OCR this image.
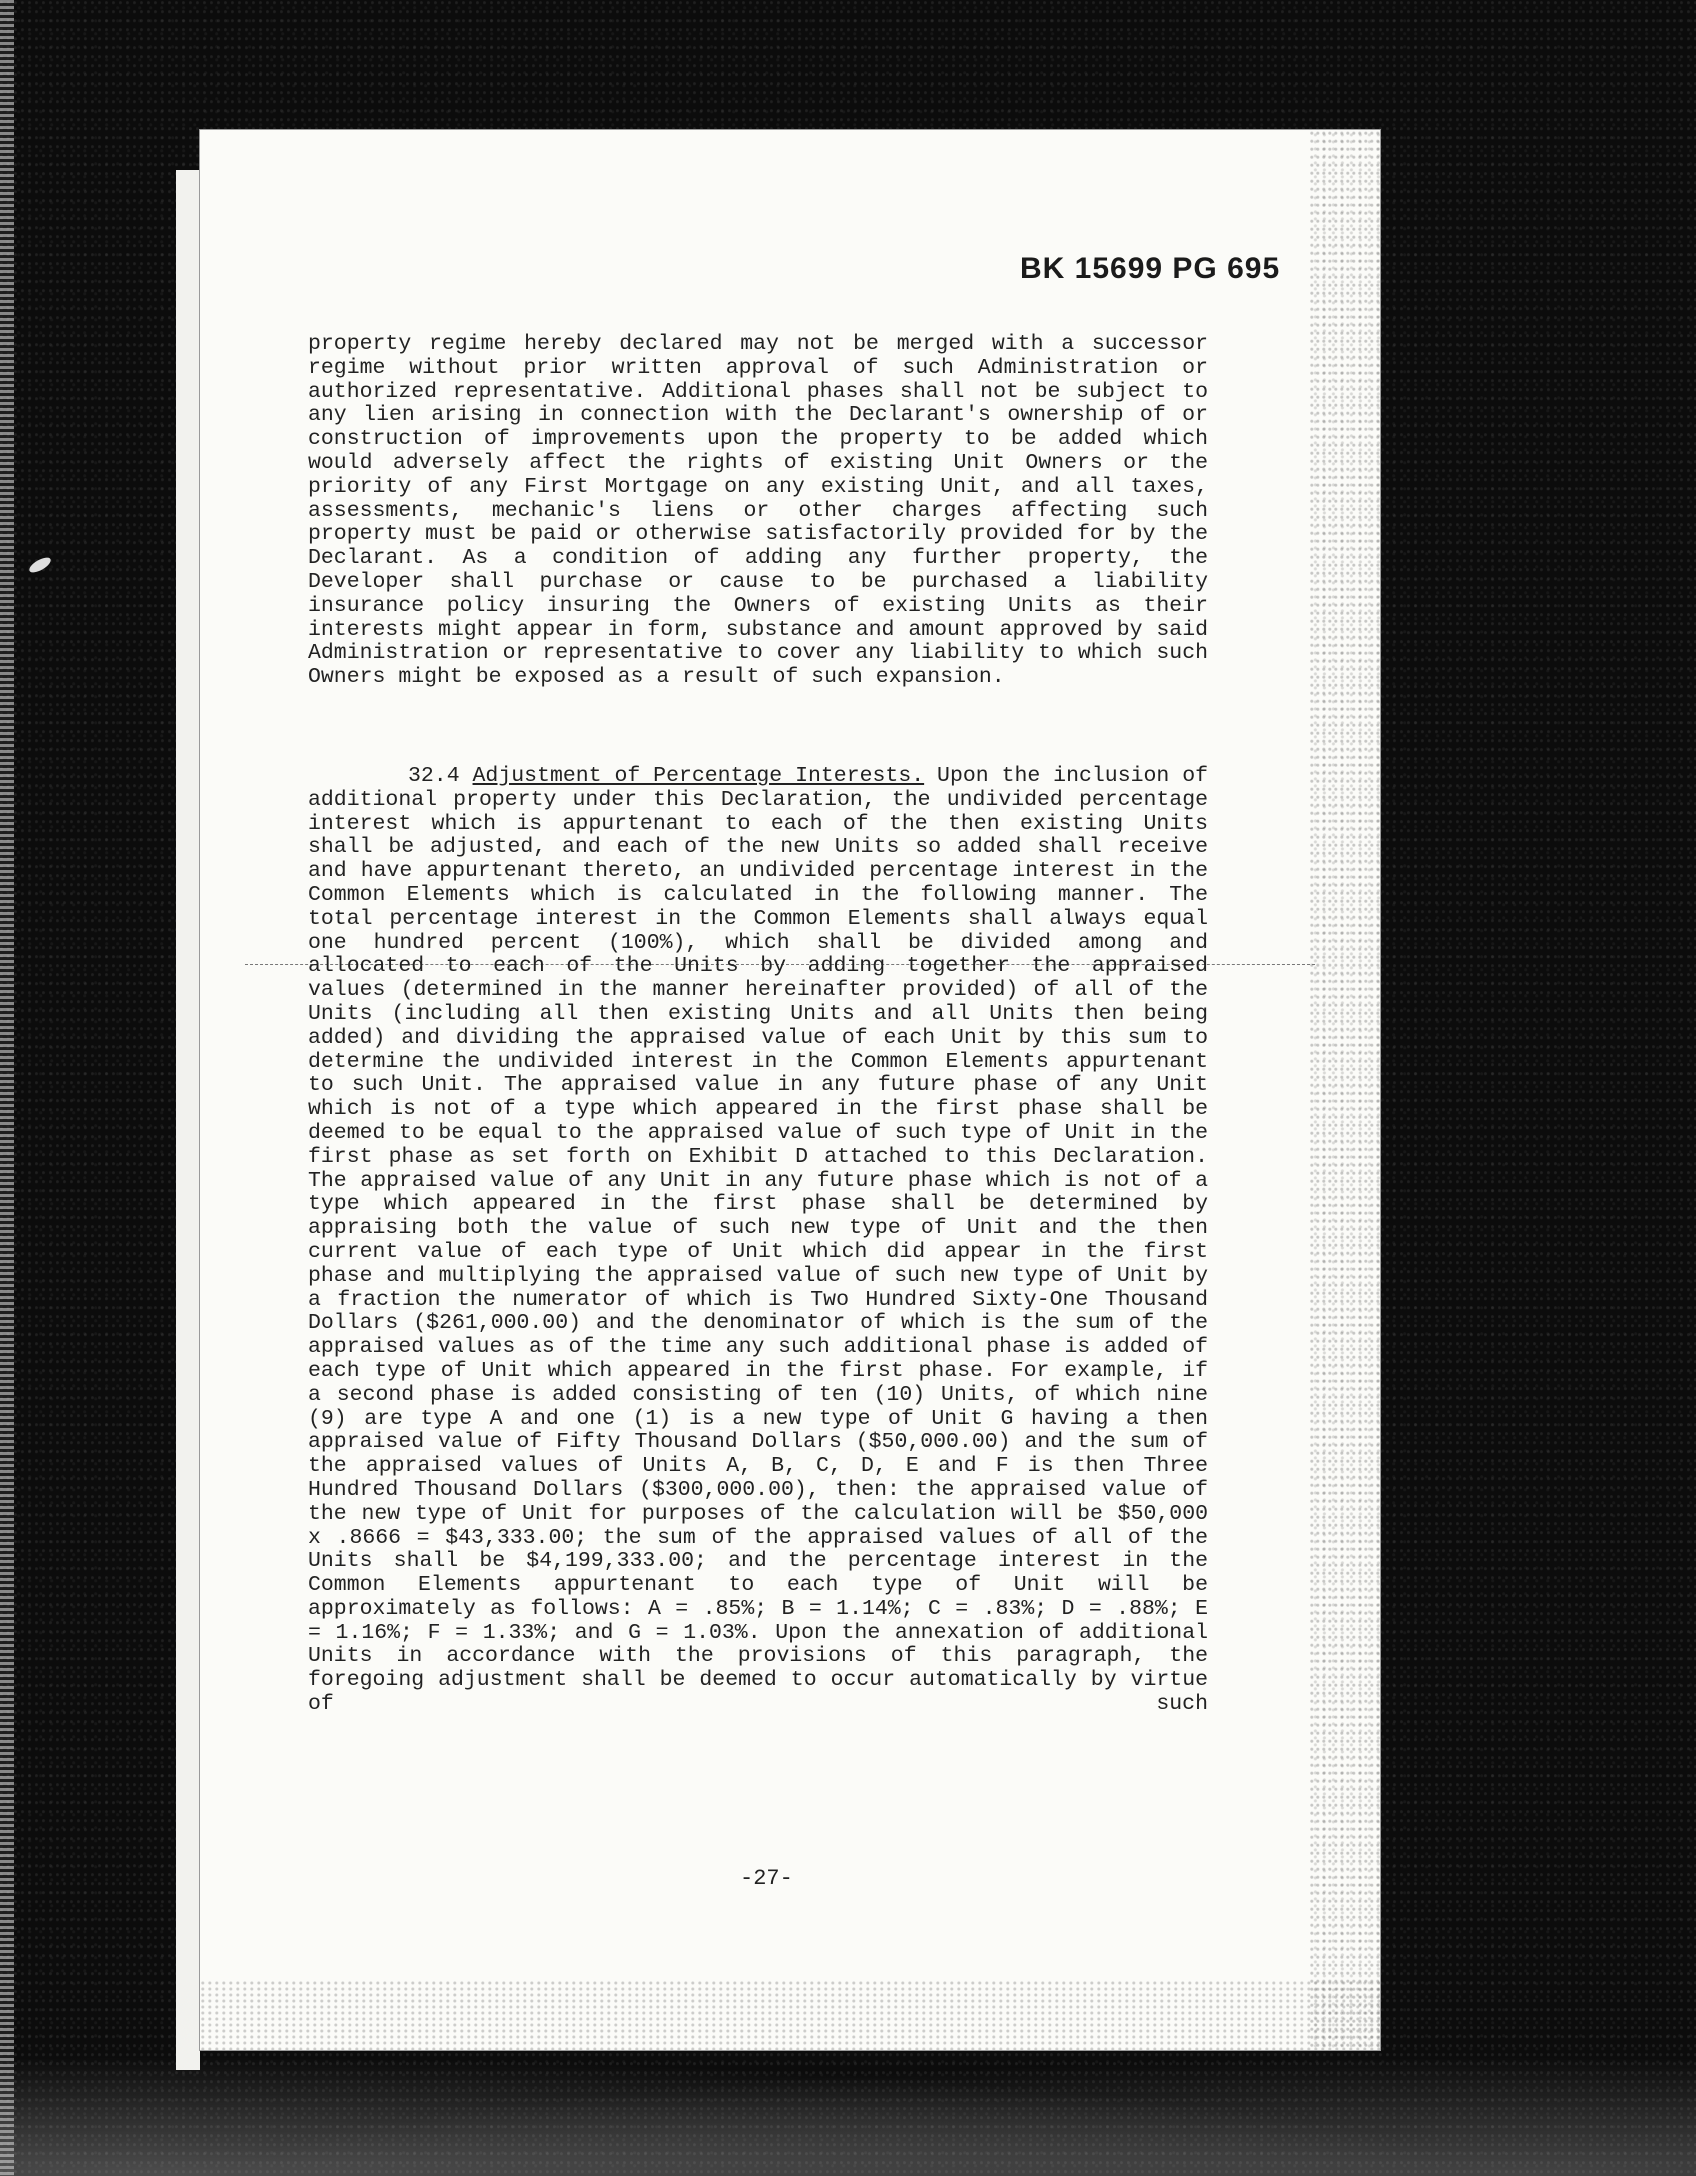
BK 15699 PG 695

property regime hereby declared may not be merged with a successor regime without prior written approval of such Administration or authorized representative. Additional phases shall not be subject to any lien arising in connection with the Declarant's ownership of or construction of improvements upon the property to be added which would adversely affect the rights of existing Unit Owners or the priority of any First Mortgage on any existing Unit, and all taxes, assessments, mechanic's liens or other charges affecting such property must be paid or otherwise satisfactorily provided for by the Declarant. As a condition of adding any further property, the Developer shall purchase or cause to be purchased a liability insurance policy insuring the Owners of existing Units as their interests might appear in form, substance and amount approved by said Administration or representative to cover any liability to which such Owners might be exposed as a result of such expansion.

32.4 Adjustment of Percentage Interests. Upon the inclusion of additional property under this Declaration, the undivided percentage interest which is appurtenant to each of the then existing Units shall be adjusted, and each of the new Units so added shall receive and have appurtenant thereto, an undivided percentage interest in the Common Elements which is calculated in the following manner. The total percentage interest in the Common Elements shall always equal one hundred percent (100%), which shall be divided among and allocated to each of the Units by adding together the appraised values (determined in the manner hereinafter provided) of all of the Units (including all then existing Units and all Units then being added) and dividing the appraised value of each Unit by this sum to determine the undivided interest in the Common Elements appurtenant to such Unit. The appraised value in any future phase of any Unit which is not of a type which appeared in the first phase shall be deemed to be equal to the appraised value of such type of Unit in the first phase as set forth on Exhibit D attached to this Declaration. The appraised value of any Unit in any future phase which is not of a type which appeared in the first phase shall be determined by appraising both the value of such new type of Unit and the then current value of each type of Unit which did appear in the first phase and multiplying the appraised value of such new type of Unit by a fraction the numerator of which is Two Hundred Sixty-One Thousand Dollars ($261,000.00) and the denominator of which is the sum of the appraised values as of the time any such additional phase is added of each type of Unit which appeared in the first phase. For example, if a second phase is added consisting of ten (10) Units, of which nine (9) are type A and one (1) is a new type of Unit G having a then appraised value of Fifty Thousand Dollars ($50,000.00) and the sum of the appraised values of Units A, B, C, D, E and F is then Three Hundred Thousand Dollars ($300,000.00), then: the appraised value of the new type of Unit for purposes of the calculation will be $50,000 x .8666 = $43,333.00; the sum of the appraised values of all of the Units shall be $4,199,333.00; and the percentage interest in the Common Elements appurtenant to each type of Unit will be approximately as follows: A = .85%; B = 1.14%; C = .83%; D = .88%; E = 1.16%; F = 1.33%; and G = 1.03%. Upon the annexation of additional Units in accordance with the provisions of this paragraph, the foregoing adjustment shall be deemed to occur automatically by virtue of such

-27-
